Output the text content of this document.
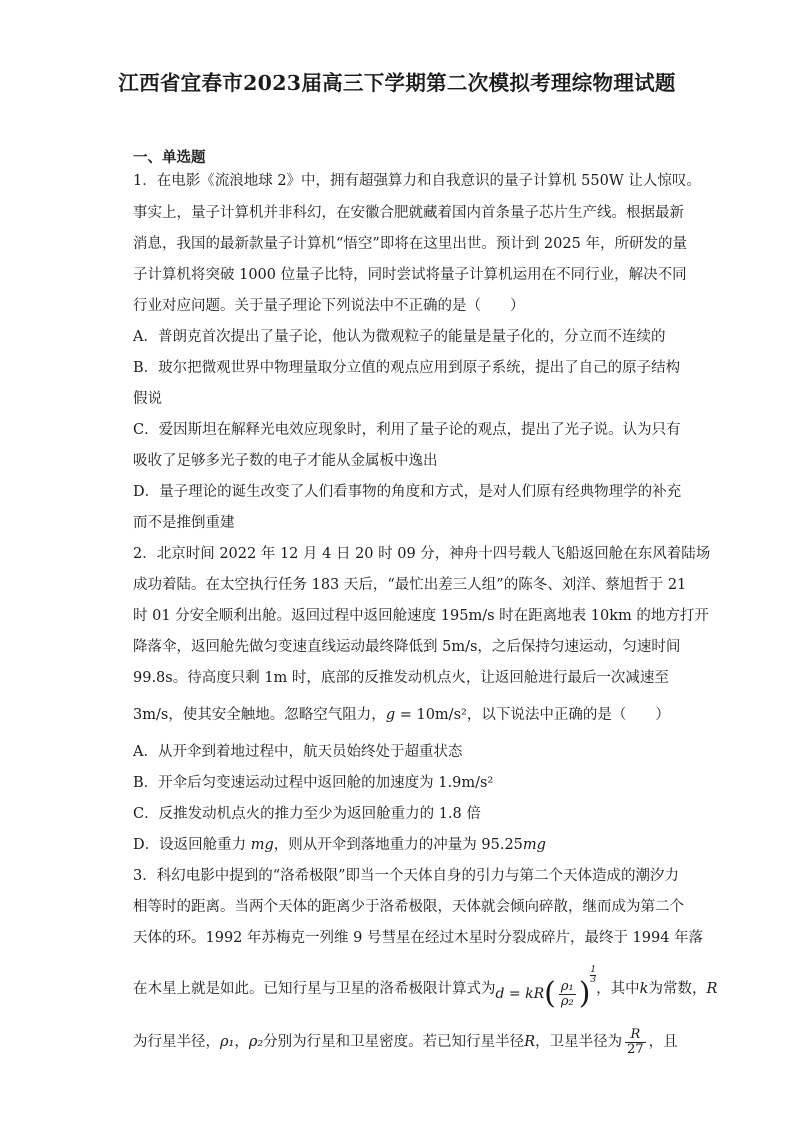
江西省宜春市2023届高三下学期第二次模拟考理综物理试题
一、单选题
1．在电影《流浪地球 2》中，拥有超强算力和自我意识的量子计算机 550W 让人惊叹。
事实上，量子计算机并非科幻，在安徽合肥就藏着国内首条量子芯片生产线。根据最新
消息，我国的最新款量子计算机“悟空”即将在这里出世。预计到 2025 年，所研发的量
子计算机将突破 1000 位量子比特，同时尝试将量子计算机运用在不同行业，解决不同
行业对应问题。关于量子理论下列说法中不正确的是（　　）
A．普朗克首次提出了量子论，他认为微观粒子的能量是量子化的，分立而不连续的
B．玻尔把微观世界中物理量取分立值的观点应用到原子系统，提出了自己的原子结构
假说
C．爱因斯坦在解释光电效应现象时，利用了量子论的观点，提出了光子说。认为只有
吸收了足够多光子数的电子才能从金属板中逸出
D．量子理论的诞生改变了人们看事物的角度和方式，是对人们原有经典物理学的补充
而不是推倒重建
2．北京时间 2022 年 12 月 4 日 20 时 09 分，神舟十四号载人飞船返回舱在东风着陆场
成功着陆。在太空执行任务 183 天后，“最忙出差三人组”的陈冬、刘洋、蔡旭哲于 21
时 01 分安全顺利出舱。返回过程中返回舱速度 195m/s 时在距离地表 10km 的地方打开
降落伞，返回舱先做匀变速直线运动最终降低到 5m/s，之后保持匀速运动，匀速时间
99.8s。待高度只剩 1m 时，底部的反推发动机点火，让返回舱进行最后一次减速至
3m/s，使其安全触地。忽略空气阻力，g = 10m/s²，以下说法中正确的是（　　）
A．从开伞到着地过程中，航天员始终处于超重状态
B．开伞后匀变速运动过程中返回舱的加速度为 1.9m/s²
C．反推发动机点火的推力至少为返回舱重力的 1.8 倍
D．设返回舱重力 mg，则从开伞到落地重力的冲量为 95.25mg
3．科幻电影中提到的“洛希极限”即当一个天体自身的引力与第二个天体造成的潮汐力
相等时的距离。当两个天体的距离少于洛希极限，天体就会倾向碎散，继而成为第二个
天体的环。1992 年苏梅克一列维 9 号彗星在经过木星时分裂成碎片，最终于 1994 年落
在木星上就是如此。已知行星与卫星的洛希极限计算式为$d = kR( \frac{\text{ρ₁}}{\text{ρ₂}}$ )
$\frac{1}{3}$
，其中k为常数，R
为行星半径，ρ₁，ρ₂分别为行星和卫星密度。若已知行星半径R，卫星半径为 $\frac{R}{27}$ ，且
